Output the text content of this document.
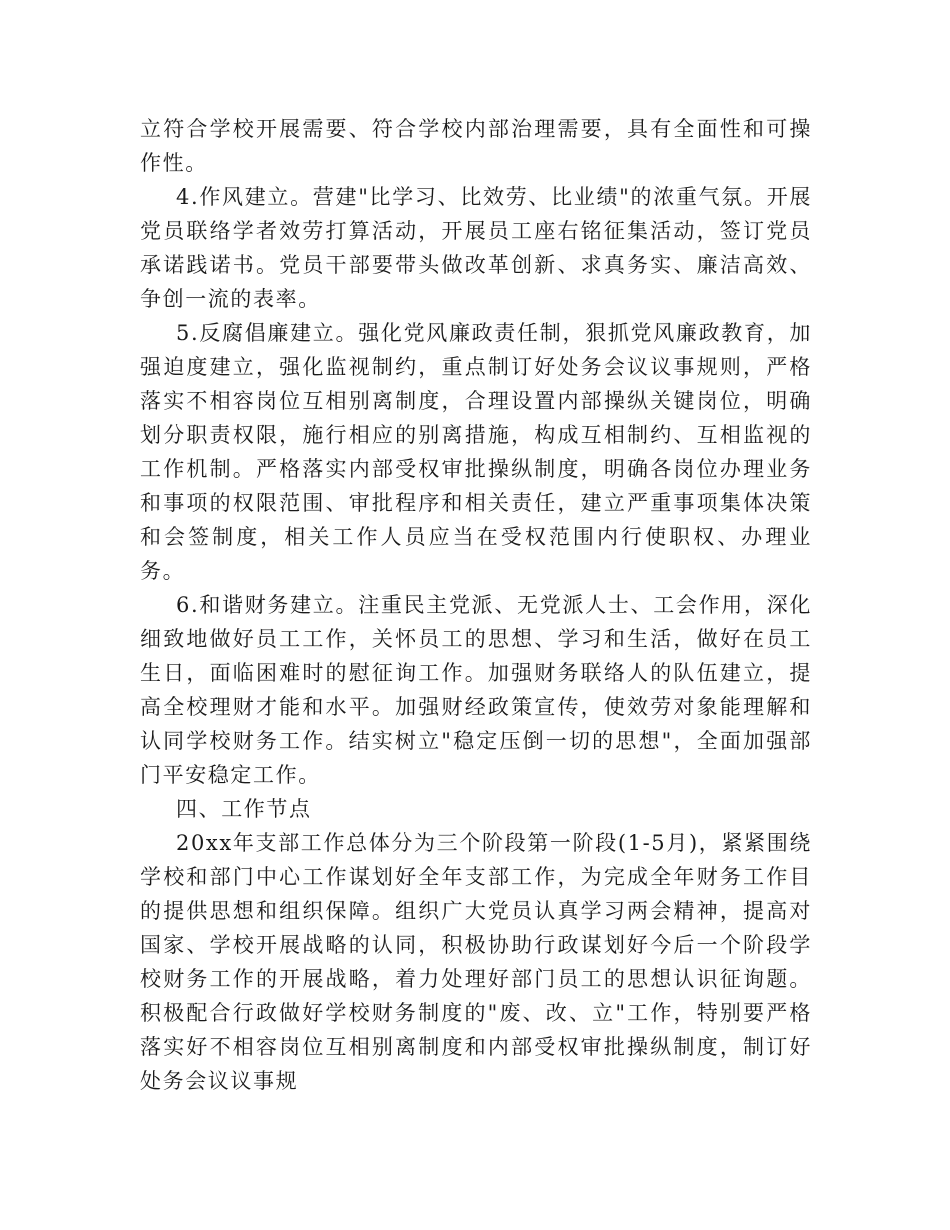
立符合学校开展需要、符合学校内部治理需要，具有全面性和可操作性。

4.作风建立。营建"比学习、比效劳、比业绩"的浓重气氛。开展党员联络学者效劳打算活动，开展员工座右铭征集活动，签订党员承诺践诺书。党员干部要带头做改革创新、求真务实、廉洁高效、争创一流的表率。

5.反腐倡廉建立。强化党风廉政责任制，狠抓党风廉政教育，加强迫度建立，强化监视制约，重点制订好处务会议议事规则，严格落实不相容岗位互相别离制度，合理设置内部操纵关键岗位，明确划分职责权限，施行相应的别离措施，构成互相制约、互相监视的工作机制。严格落实内部受权审批操纵制度，明确各岗位办理业务和事项的权限范围、审批程序和相关责任，建立严重事项集体决策和会签制度，相关工作人员应当在受权范围内行使职权、办理业务。

6.和谐财务建立。注重民主党派、无党派人士、工会作用，深化细致地做好员工工作，关怀员工的思想、学习和生活，做好在员工生日，面临困难时的慰征询工作。加强财务联络人的队伍建立，提高全校理财才能和水平。加强财经政策宣传，使效劳对象能理解和认同学校财务工作。结实树立"稳定压倒一切的思想"，全面加强部门平安稳定工作。

四、工作节点

20xx年支部工作总体分为三个阶段第一阶段(1-5月)，紧紧围绕学校和部门中心工作谋划好全年支部工作，为完成全年财务工作目的提供思想和组织保障。组织广大党员认真学习两会精神，提高对国家、学校开展战略的认同，积极协助行政谋划好今后一个阶段学校财务工作的开展战略，着力处理好部门员工的思想认识征询题。积极配合行政做好学校财务制度的"废、改、立"工作，特别要严格落实好不相容岗位互相别离制度和内部受权审批操纵制度，制订好处务会议议事规
